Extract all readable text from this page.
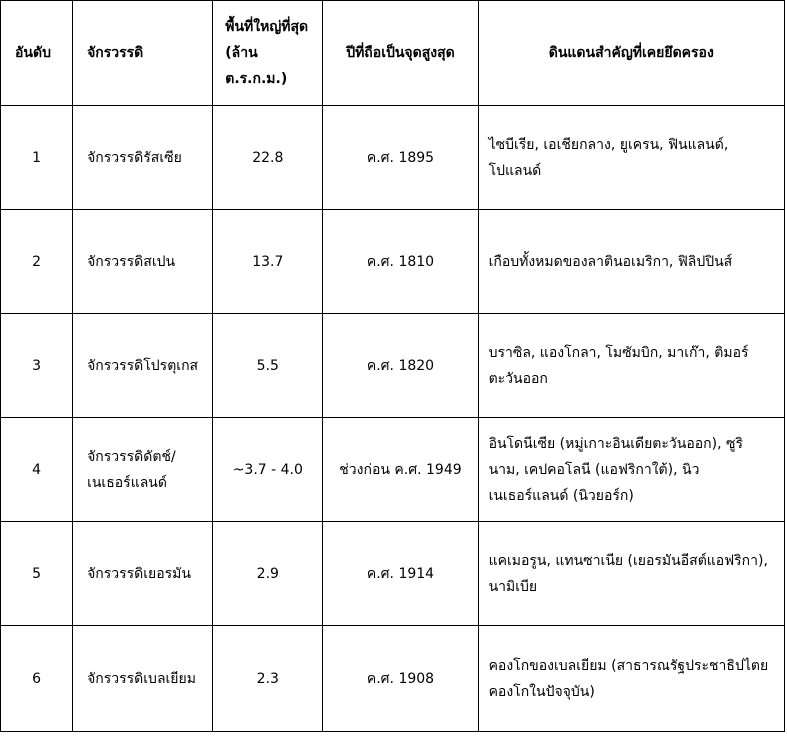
อันดับ	จักรวรรดิ	พื้นที่ใหญ่ที่สุด (ล้าน ต.ร.ก.ม.)	ปีที่ถือเป็นจุดสูงสุด	ดินแดนสำคัญที่เคยยึดครอง
1	จักรวรรดิรัสเซีย	22.8	ค.ศ. 1895	ไซบีเรีย, เอเชียกลาง, ยูเครน, ฟินแลนด์, โปแลนด์
2	จักรวรรดิสเปน	13.7	ค.ศ. 1810	เกือบทั้งหมดของลาตินอเมริกา, ฟิลิปปินส์
3	จักรวรรดิโปรตุเกส	5.5	ค.ศ. 1820	บราซิล, แองโกลา, โมซัมบิก, มาเก๊า, ติมอร์ตะวันออก
4	จักรวรรดิดัตช์/เนเธอร์แลนด์	~3.7 - 4.0	ช่วงก่อน ค.ศ. 1949	อินโดนีเซีย (หมู่เกาะอินเดียตะวันออก), ซูรินาม, เคปคอโลนี (แอฟริกาใต้), นิวเนเธอร์แลนด์ (นิวยอร์ก)
5	จักรวรรดิเยอรมัน	2.9	ค.ศ. 1914	แคเมอรูน, แทนซาเนีย (เยอรมันอีสต์แอฟริกา), นามิเบีย
6	จักรวรรดิเบลเยียม	2.3	ค.ศ. 1908	คองโกของเบลเยียม (สาธารณรัฐประชาธิปไตยคองโกในปัจจุบัน)
